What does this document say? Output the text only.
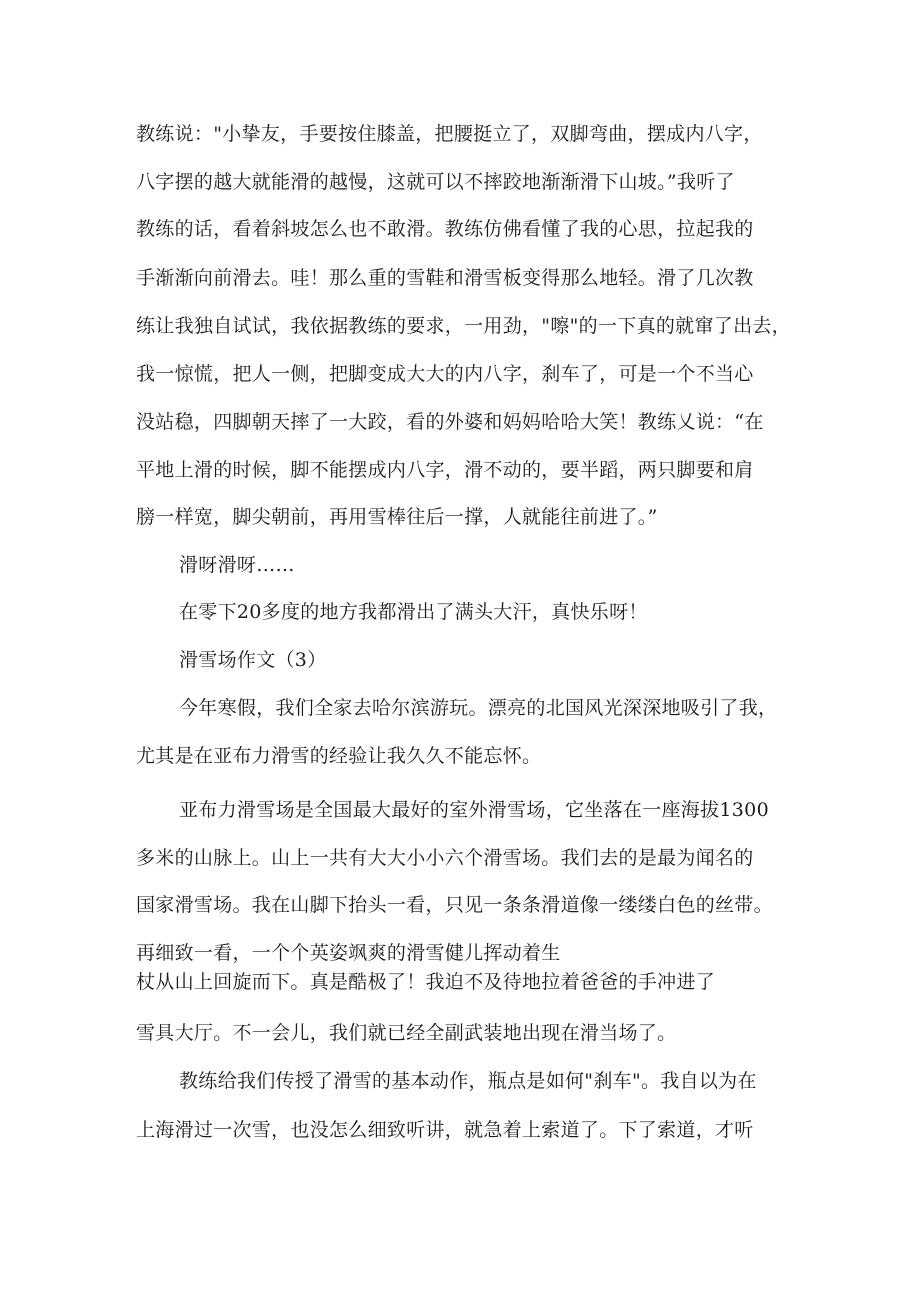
教练说："小挚友，手要按住膝盖，把腰挺立了，双脚弯曲，摆成内八字，
八字摆的越大就能滑的越慢，这就可以不摔跤地渐渐滑下山坡。”我听了
教练的话，看着斜坡怎么也不敢滑。教练仿佛看懂了我的心思，拉起我的
手渐渐向前滑去。哇！那么重的雪鞋和滑雪板变得那么地轻。滑了几次教
练让我独自试试，我依据教练的要求，一用劲，"嚓"的一下真的就窜了出去，
我一惊慌，把人一侧，把脚变成大大的内八字，刹车了，可是一个不当心
没站稳，四脚朝天摔了一大跤，看的外婆和妈妈哈哈大笑！教练乂说：“在
平地上滑的时候，脚不能摆成内八字，滑不动的，要半蹈，两只脚要和肩
膀一样宽，脚尖朝前，再用雪棒往后一撑，人就能往前进了。”
滑呀滑呀……
在零下20多度的地方我都滑出了满头大汗，真快乐呀！
滑雪场作文（3）
今年寒假，我们全家去哈尔滨游玩。漂亮的北国风光深深地吸引了我，
尤其是在亚布力滑雪的经验让我久久不能忘怀。
亚布力滑雪场是全国最大最好的室外滑雪场，它坐落在一座海拔1300
多米的山脉上。山上一共有大大小小六个滑雪场。我们去的是最为闻名的
国家滑雪场。我在山脚下抬头一看，只见一条条滑道像一缕缕白色的丝带。
再细致一看，一个个英姿飒爽的滑雪健儿挥动着生
杖从山上回旋而下。真是酷极了！我迫不及待地拉着爸爸的手冲进了
雪具大厅。不一会儿，我们就已经全副武装地出现在滑当场了。
教练给我们传授了滑雪的基本动作，瓶点是如何"刹车"。我自以为在
上海滑过一次雪，也没怎么细致听讲，就急着上索道了。下了索道，才听
